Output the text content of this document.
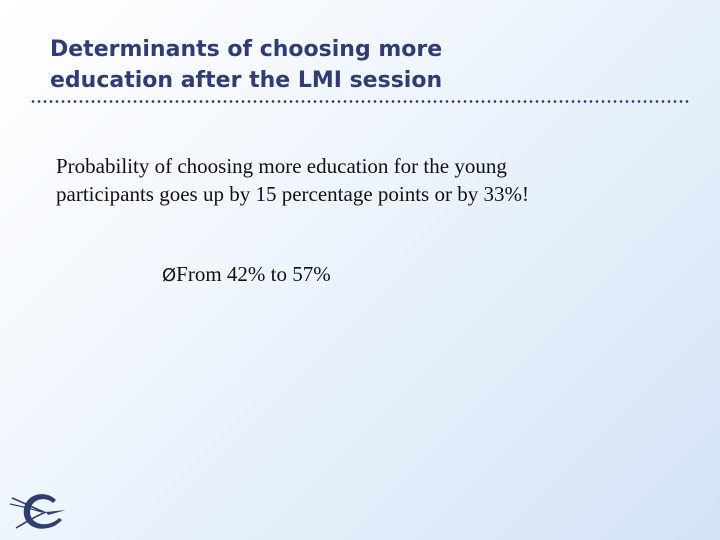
Determinants of choosing more
education after the LMI session

Probability of choosing more education for the young
participants goes up by 15 percentage points or by 33%!

ØFrom 42% to 57%
